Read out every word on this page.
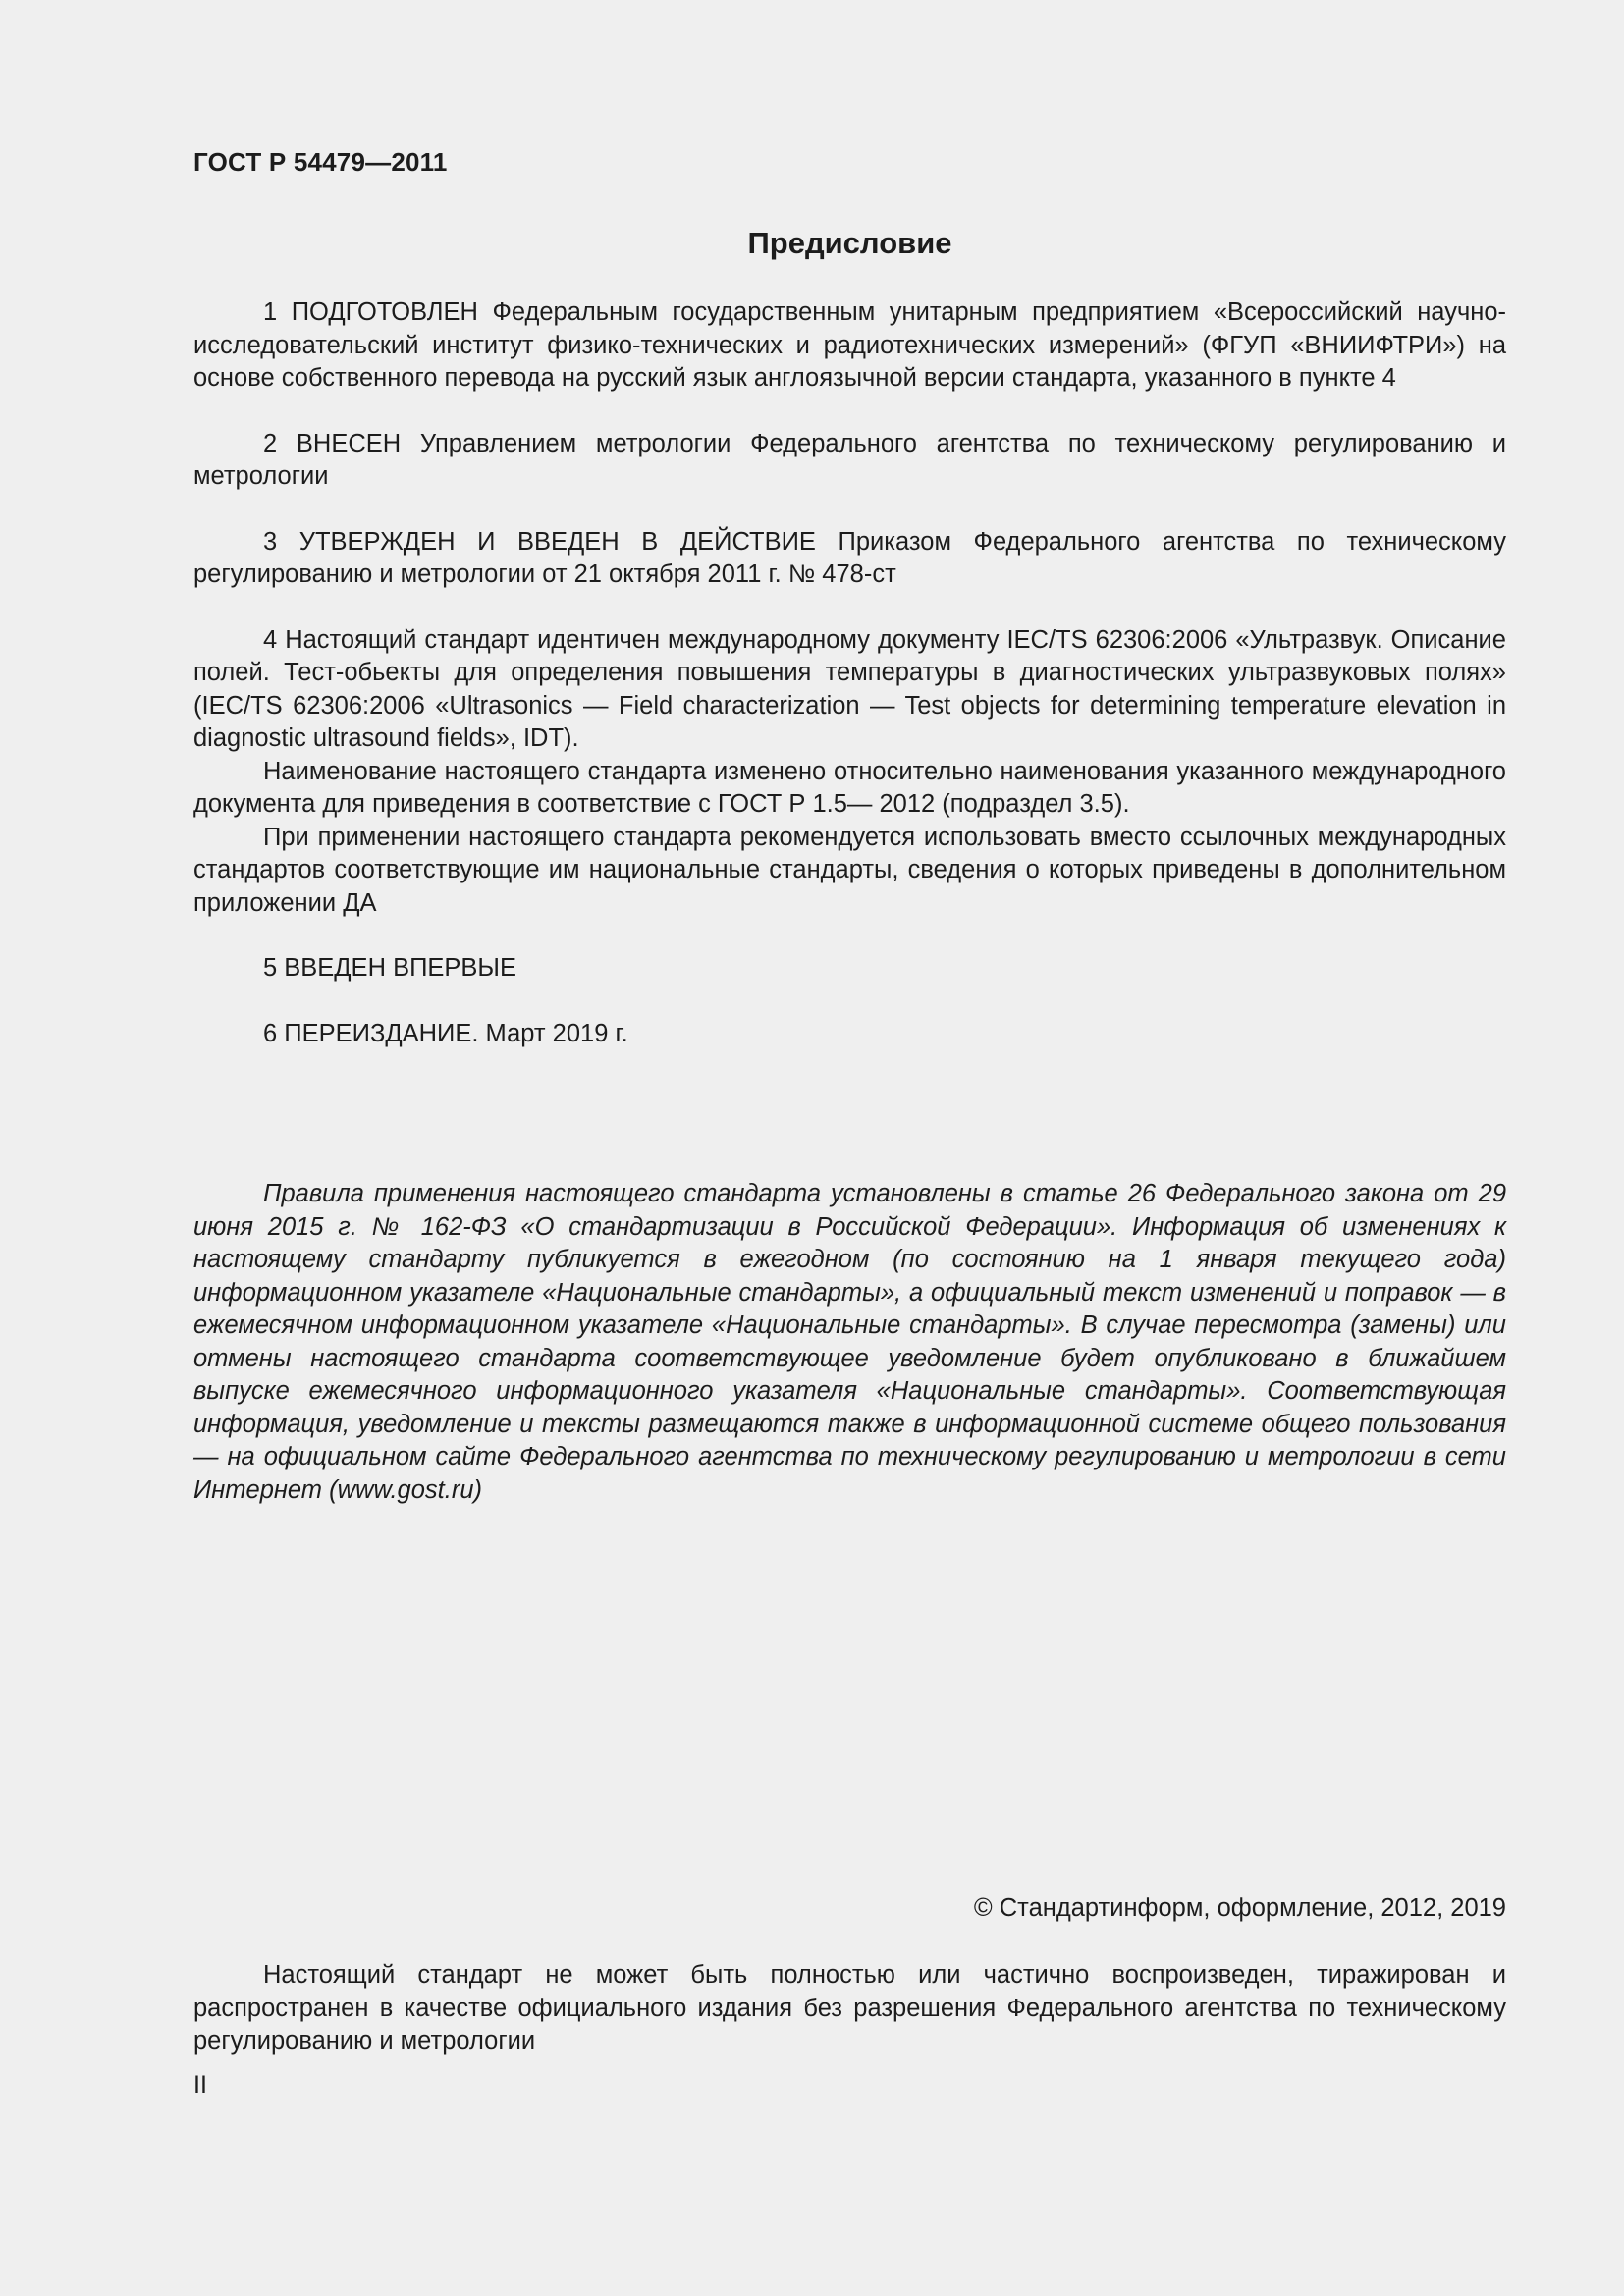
ГОСТ Р 54479—2011
Предисловие

1 ПОДГОТОВЛЕН Федеральным государственным унитарным предприятием «Всероссийский научно-исследовательский институт физико-технических и радиотехнических измерений» (ФГУП «ВНИИФТРИ») на основе собственного перевода на русский язык англоязычной версии стандарта, указанного в пункте 4

2 ВНЕСЕН Управлением метрологии Федерального агентства по техническому регулированию и метрологии

3 УТВЕРЖДЕН И ВВЕДЕН В ДЕЙСТВИЕ Приказом Федерального агентства по техническому регулированию и метрологии от 21 октября 2011 г. № 478-ст

4 Настоящий стандарт идентичен международному документу IEC/TS 62306:2006 «Ультразвук. Описание полей. Тест-обьекты для определения повышения температуры в диагностических ультразвуковых полях» (IEC/TS 62306:2006 «Ultrasonics — Field characterization — Test objects for determining temperature elevation in diagnostic ultrasound fields», IDT).

Наименование настоящего стандарта изменено относительно наименования указанного международного документа для приведения в соответствие с ГОСТ Р 1.5— 2012 (подраздел 3.5).

При применении настоящего стандарта рекомендуется использовать вместо ссылочных международных стандартов соответствующие им национальные стандарты, сведения о которых приведены в дополнительном приложении ДА

5 ВВЕДЕН ВПЕРВЫЕ

6 ПЕРЕИЗДАНИЕ. Март 2019 г.

Правила применения настоящего стандарта установлены в статье 26 Федерального закона от 29 июня 2015 г. № 162-ФЗ «О стандартизации в Российской Федерации». Информация об изменениях к настоящему стандарту публикуется в ежегодном (по состоянию на 1 января текущего года) информационном указателе «Национальные стандарты», а официальный текст изменений и поправок — в ежемесячном информационном указателе «Национальные стандарты». В случае пересмотра (замены) или отмены настоящего стандарта соответствующее уведомление будет опубликовано в ближайшем выпуске ежемесячного информационного указателя «Национальные стандарты». Соответствующая информация, уведомление и тексты размещаются также в информационной системе общего пользования — на официальном сайте Федерального агентства по техническому регулированию и метрологии в сети Интернет (www.gost.ru)

© Стандартинформ, оформление, 2012, 2019

Настоящий стандарт не может быть полностью или частично воспроизведен, тиражирован и распространен в качестве официального издания без разрешения Федерального агентства по техническому регулированию и метрологии

II
